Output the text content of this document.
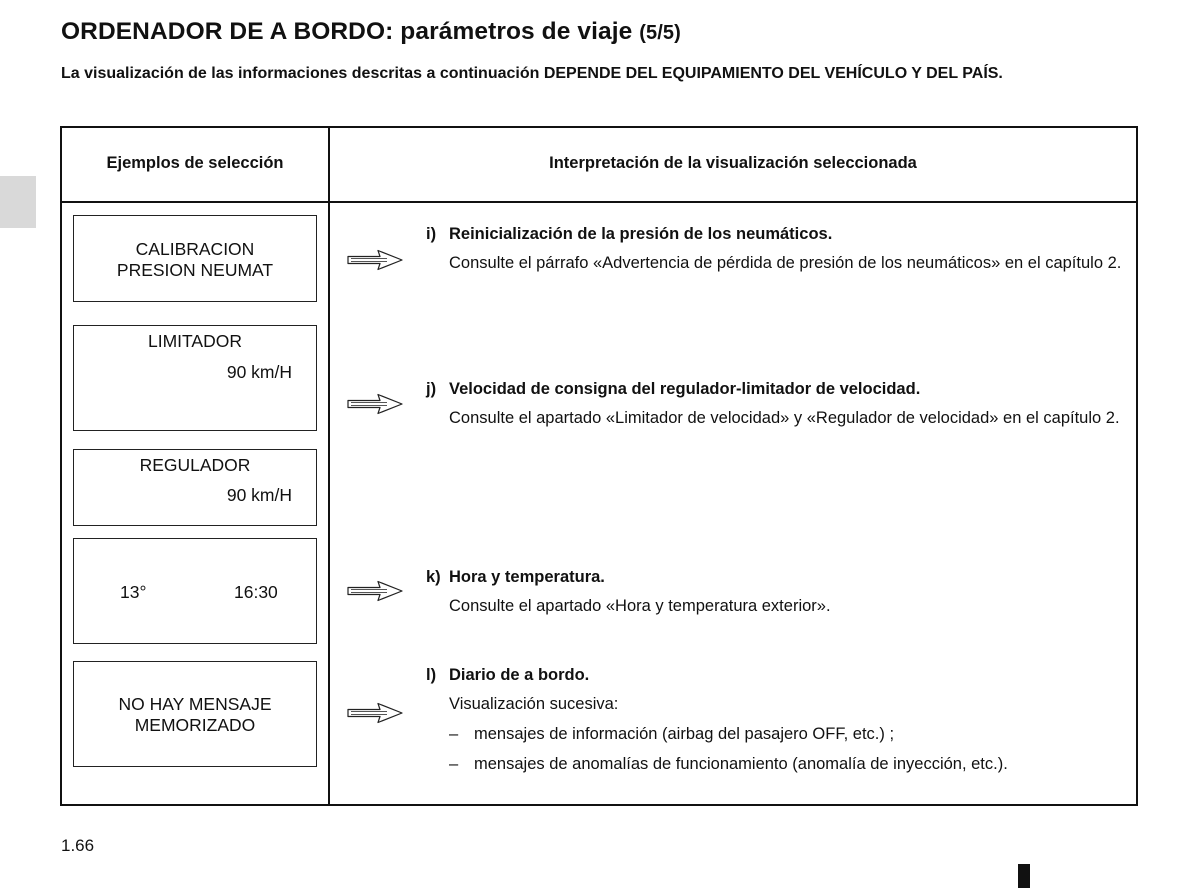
ORDENADOR DE A BORDO: parámetros de viaje (5/5)
La visualización de las informaciones descritas a continuación DEPENDE DEL EQUIPAMIENTO DEL VEHÍCULO Y DEL PAÍS.
Ejemplos de selección	Interpretación de la visualización seleccionada
CALIBRACION
PRESION NEUMAT
LIMITADOR
90 km/H
REGULADOR
90 km/H
13°	16:30
NO HAY MENSAJE
MEMORIZADO
i) Reinicialización de la presión de los neumáticos.
Consulte el párrafo «Advertencia de pérdida de presión de los neumáticos» en el capítulo 2.
j) Velocidad de consigna del regulador-limitador de velocidad.
Consulte el apartado «Limitador de velocidad» y «Regulador de velocidad» en el capítulo 2.
k) Hora y temperatura.
Consulte el apartado «Hora y temperatura exterior».
l) Diario de a bordo.
Visualización sucesiva:
– mensajes de información (airbag del pasajero OFF, etc.) ;
– mensajes de anomalías de funcionamiento (anomalía de inyección, etc.).
1.66
